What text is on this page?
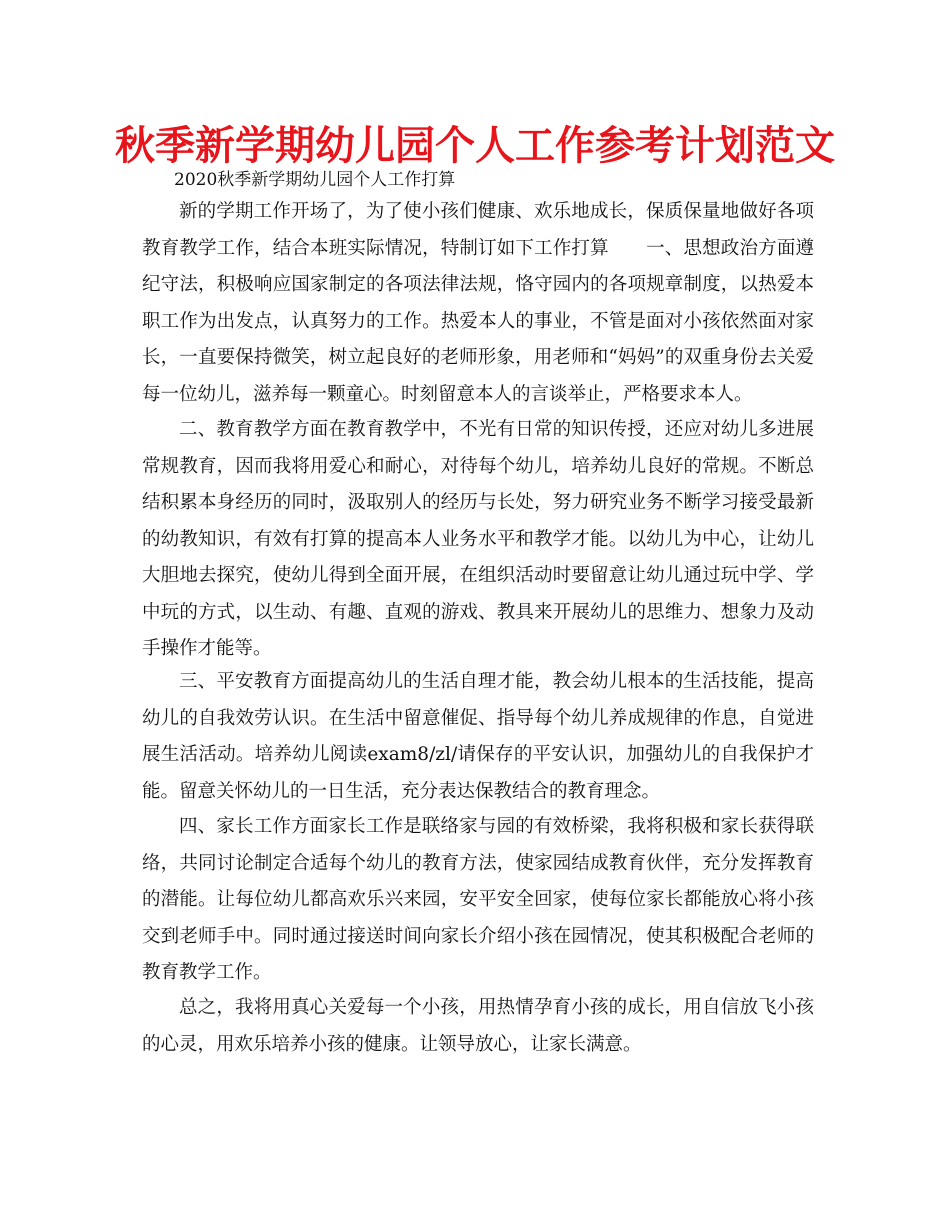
秋季新学期幼儿园个人工作参考计划范文
2020秋季新学期幼儿园个人工作打算

新的学期工作开场了，为了使小孩们健康、欢乐地成长，保质保量地做好各项教育教学工作，结合本班实际情况，特制订如下工作打算　　一、思想政治方面遵纪守法，积极响应国家制定的各项法律法规，恪守园内的各项规章制度，以热爱本职工作为出发点，认真努力的工作。热爱本人的事业，不管是面对小孩依然面对家长，一直要保持微笑，树立起良好的老师形象，用老师和“妈妈”的双重身份去关爱每一位幼儿，滋养每一颗童心。时刻留意本人的言谈举止，严格要求本人。

二、教育教学方面在教育教学中，不光有日常的知识传授，还应对幼儿多进展常规教育，因而我将用爱心和耐心，对待每个幼儿，培养幼儿良好的常规。不断总结积累本身经历的同时，汲取别人的经历与长处，努力研究业务不断学习接受最新的幼教知识，有效有打算的提高本人业务水平和教学才能。以幼儿为中心，让幼儿大胆地去探究，使幼儿得到全面开展，在组织活动时要留意让幼儿通过玩中学、学中玩的方式，以生动、有趣、直观的游戏、教具来开展幼儿的思维力、想象力及动手操作才能等。

三、平安教育方面提高幼儿的生活自理才能，教会幼儿根本的生活技能，提高幼儿的自我效劳认识。在生活中留意催促、指导每个幼儿养成规律的作息，自觉进展生活活动。培养幼儿阅读exam8/zl/请保存的平安认识，加强幼儿的自我保护才能。留意关怀幼儿的一日生活，充分表达保教结合的教育理念。

四、家长工作方面家长工作是联络家与园的有效桥梁，我将积极和家长获得联络，共同讨论制定合适每个幼儿的教育方法，使家园结成教育伙伴，充分发挥教育的潜能。让每位幼儿都高欢乐兴来园，安平安全回家，使每位家长都能放心将小孩交到老师手中。同时通过接送时间向家长介绍小孩在园情况，使其积极配合老师的教育教学工作。

总之，我将用真心关爱每一个小孩，用热情孕育小孩的成长，用自信放飞小孩的心灵，用欢乐培养小孩的健康。让领导放心，让家长满意。
